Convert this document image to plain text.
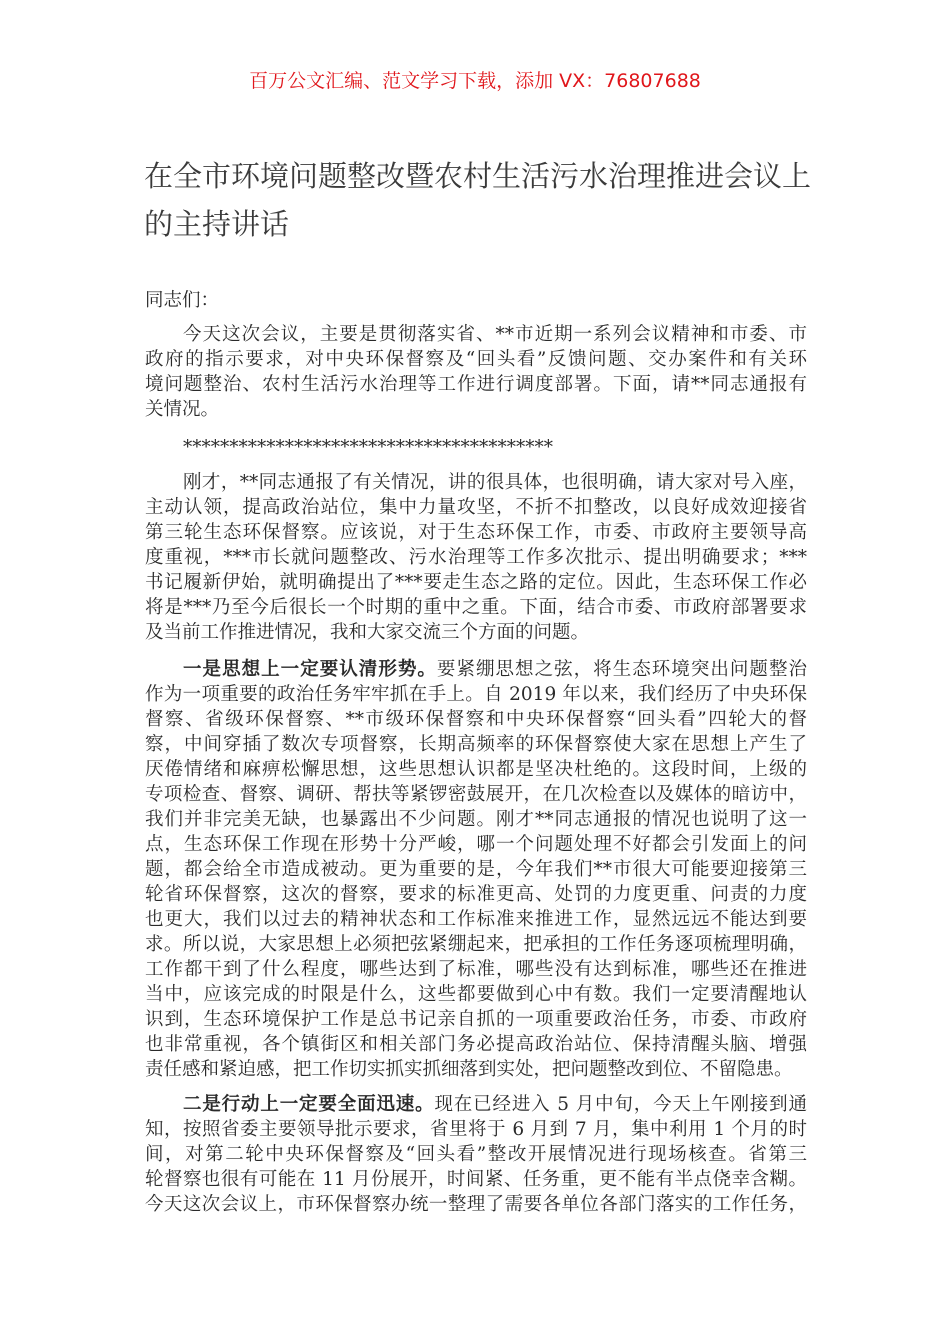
百万公文汇编、范文学习下载，添加 VX：76807688
在全市环境问题整改暨农村生活污水治理推进会议上
的主持讲话
同志们：
今天这次会议，主要是贯彻落实省、**市近期一系列会议精神和市委、市
政府的指示要求，对中央环保督察及“回头看”反馈问题、交办案件和有关环
境问题整治、农村生活污水治理等工作进行调度部署。下面，请**同志通报有
关情况。
****************************************
刚才，**同志通报了有关情况，讲的很具体，也很明确，请大家对号入座，
主动认领，提高政治站位，集中力量攻坚，不折不扣整改，以良好成效迎接省
第三轮生态环保督察。应该说，对于生态环保工作，市委、市政府主要领导高
度重视，***市长就问题整改、污水治理等工作多次批示、提出明确要求；***
书记履新伊始，就明确提出了***要走生态之路的定位。因此，生态环保工作必
将是***乃至今后很长一个时期的重中之重。下面，结合市委、市政府部署要求
及当前工作推进情况，我和大家交流三个方面的问题。
一是思想上一定要认清形势。要紧绷思想之弦，将生态环境突出问题整治
作为一项重要的政治任务牢牢抓在手上。自 2019 年以来，我们经历了中央环保
督察、省级环保督察、**市级环保督察和中央环保督察“回头看”四轮大的督
察，中间穿插了数次专项督察，长期高频率的环保督察使大家在思想上产生了
厌倦情绪和麻痹松懈思想，这些思想认识都是坚决杜绝的。这段时间，上级的
专项检查、督察、调研、帮扶等紧锣密鼓展开，在几次检查以及媒体的暗访中，
我们并非完美无缺，也暴露出不少问题。刚才**同志通报的情况也说明了这一
点，生态环保工作现在形势十分严峻，哪一个问题处理不好都会引发面上的问
题，都会给全市造成被动。更为重要的是，今年我们**市很大可能要迎接第三
轮省环保督察，这次的督察，要求的标准更高、处罚的力度更重、问责的力度
也更大，我们以过去的精神状态和工作标准来推进工作，显然远远不能达到要
求。所以说，大家思想上必须把弦紧绷起来，把承担的工作任务逐项梳理明确，
工作都干到了什么程度，哪些达到了标准，哪些没有达到标准，哪些还在推进
当中，应该完成的时限是什么，这些都要做到心中有数。我们一定要清醒地认
识到，生态环境保护工作是总书记亲自抓的一项重要政治任务，市委、市政府
也非常重视，各个镇街区和相关部门务必提高政治站位、保持清醒头脑、增强
责任感和紧迫感，把工作切实抓实抓细落到实处，把问题整改到位、不留隐患。
二是行动上一定要全面迅速。现在已经进入 5 月中旬，今天上午刚接到通
知，按照省委主要领导批示要求，省里将于 6 月到 7 月，集中利用 1 个月的时
间，对第二轮中央环保督察及“回头看”整改开展情况进行现场核查。省第三
轮督察也很有可能在 11 月份展开，时间紧、任务重，更不能有半点侥幸含糊。
今天这次会议上，市环保督察办统一整理了需要各单位各部门落实的工作任务，
